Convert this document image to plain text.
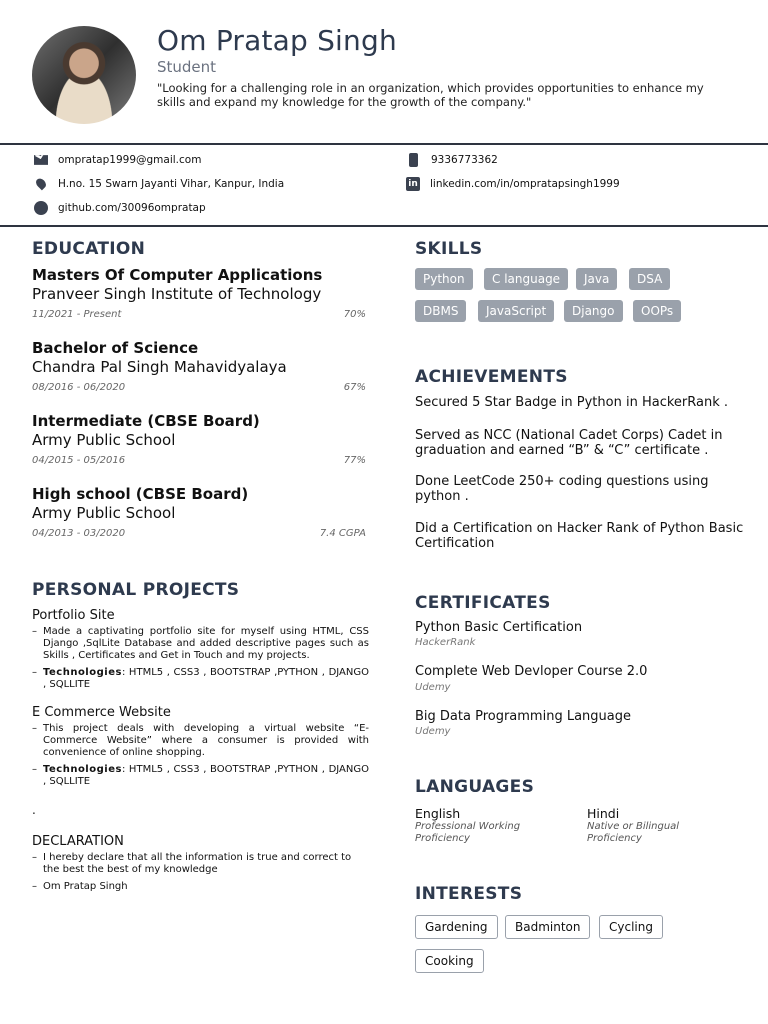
Om Pratap Singh
Student
"Looking for a challenging role in an organization, which provides opportunities to enhance my skills and expand my knowledge for the growth of the company."
ompratap1999@gmail.com	9336773362
H.no. 15 Swarn Jayanti Vihar, Kanpur, India	in linkedin.com/in/ompratapsingh1999
github.com/30096ompratap
EDUCATION
Masters Of Computer Applications
Pranveer Singh Institute of Technology
11/2021 - Present	70%
Bachelor of Science
Chandra Pal Singh Mahavidyalaya
08/2016 - 06/2020	67%
Intermediate (CBSE Board)
Army Public School
04/2015 - 05/2016	77%
High school (CBSE Board)
Army Public School
04/2013 - 03/2020	7.4 CGPA
PERSONAL PROJECTS
Portfolio Site
– Made a captivating portfolio site for myself using HTML, CSS Django ,SqlLite Database and added descriptive pages such as Skills , Certificates and Get in Touch and my projects.
– Technologies: HTML5 , CSS3 , BOOTSTRAP ,PYTHON , DJANGO , SQLLITE
E Commerce Website
– This project deals with developing a virtual website “E-Commerce Website” where a consumer is provided with convenience of online shopping.
– Technologies: HTML5 , CSS3 , BOOTSTRAP ,PYTHON , DJANGO , SQLLITE
.
DECLARATION
– I hereby declare that all the information is true and correct to the best the best of my knowledge
– Om Pratap Singh
SKILLS
Python	C language	Java	DSA
DBMS	JavaScript	Django	OOPs
ACHIEVEMENTS
Secured 5 Star Badge in Python in HackerRank .
Served as NCC (National Cadet Corps) Cadet in graduation and earned “B” & “C” certificate .
Done LeetCode 250+ coding questions using python .
Did a Certification on Hacker Rank of Python Basic Certification
CERTIFICATES
Python Basic Certification
HackerRank
Complete Web Devloper Course 2.0
Udemy
Big Data Programming Language
Udemy
LANGUAGES
English
Professional Working Proficiency
Hindi
Native or Bilingual Proficiency
INTERESTS
Gardening	Badminton	Cycling
Cooking
